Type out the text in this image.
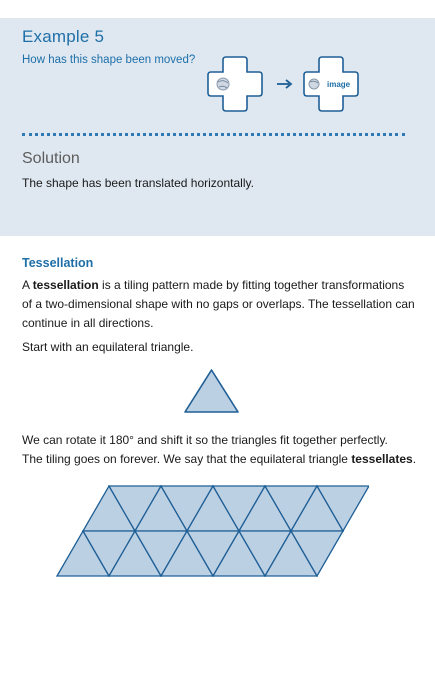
Example 5
How has this shape been moved?
image
Solution
The shape has been translated horizontally.
Tessellation
A tessellation is a tiling pattern made by fitting together transformations
of a two-dimensional shape with no gaps or overlaps. The tessellation can
continue in all directions.
Start with an equilateral triangle.
We can rotate it 180° and shift it so the triangles fit together perfectly.
The tiling goes on forever. We say that the equilateral triangle tessellates.
